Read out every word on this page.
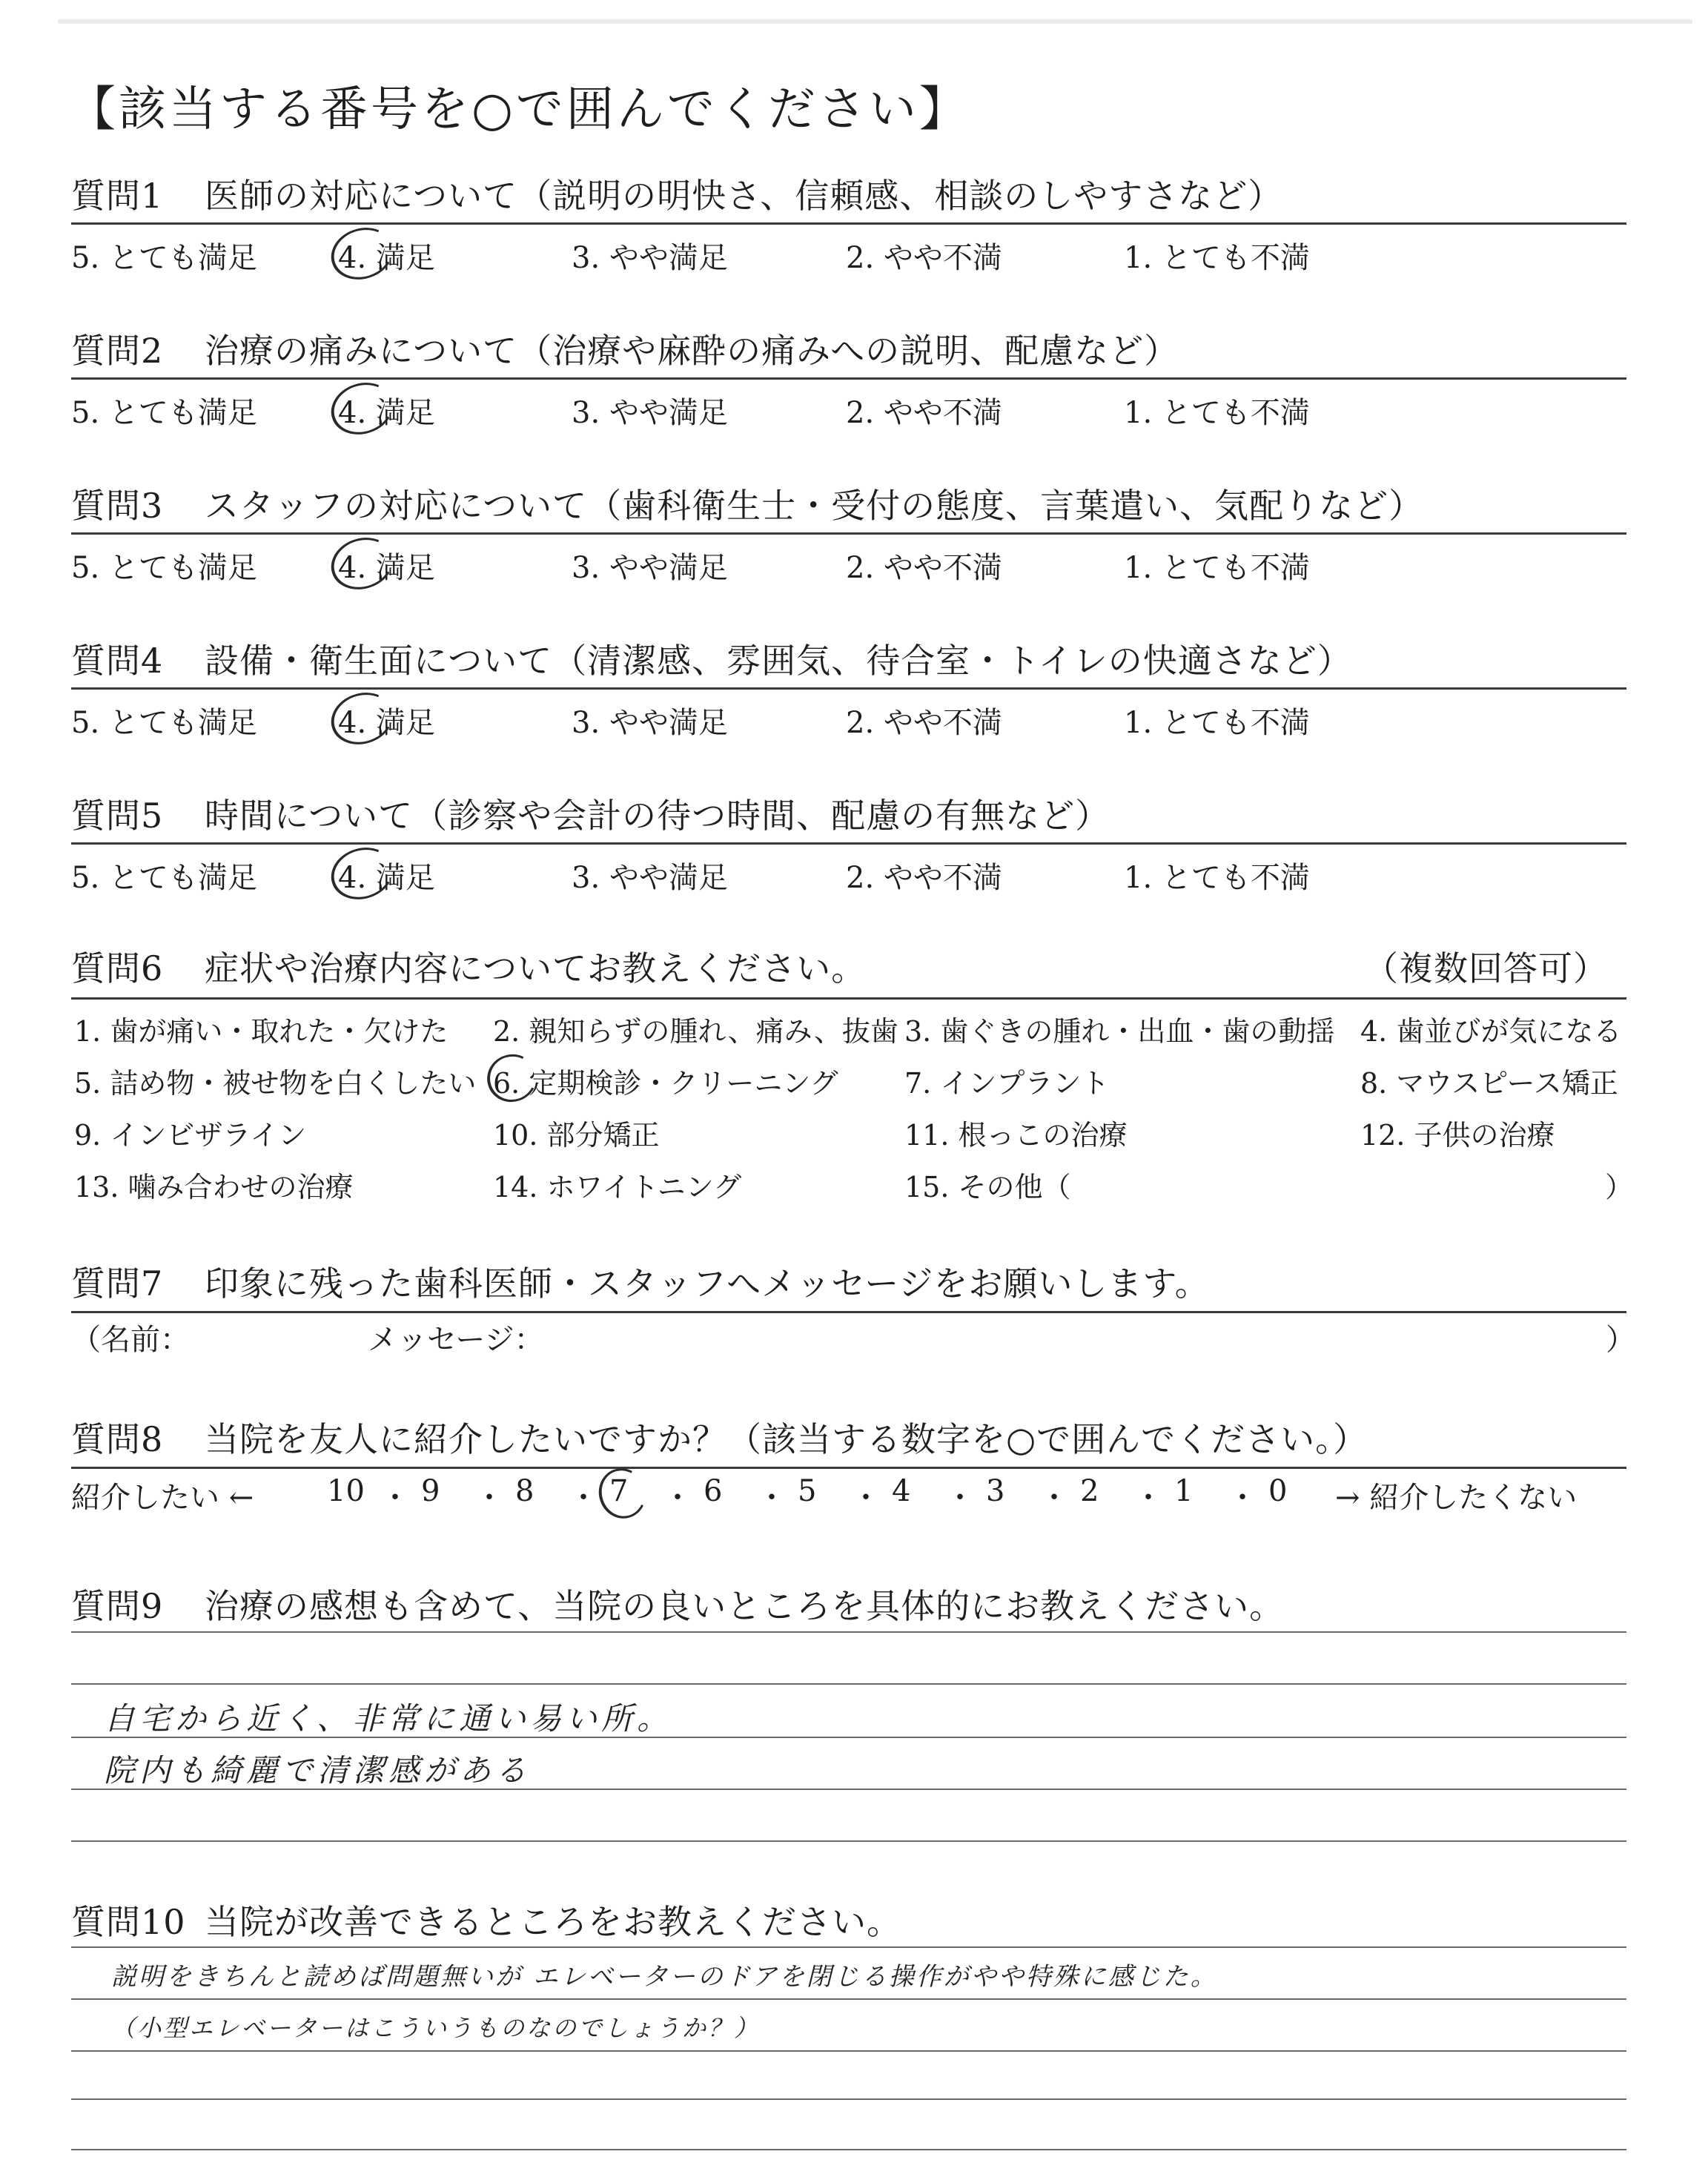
【該当する番号を○で囲んでください】
質問1 医師の対応について（説明の明快さ、信頼感、相談のしやすさなど）
5. とても満足	4. 満足	3. やや満足	2. やや不満	1. とても不満
質問2 治療の痛みについて（治療や麻酔の痛みへの説明、配慮など）
5. とても満足	4. 満足	3. やや満足	2. やや不満	1. とても不満
質問3 スタッフの対応について（歯科衛生士・受付の態度、言葉遣い、気配りなど）
5. とても満足	4. 満足	3. やや満足	2. やや不満	1. とても不満
質問4 設備・衛生面について（清潔感、雰囲気、待合室・トイレの快適さなど）
5. とても満足	4. 満足	3. やや満足	2. やや不満	1. とても不満
質問5 時間について（診察や会計の待つ時間、配慮の有無など）
5. とても満足	4. 満足	3. やや満足	2. やや不満	1. とても不満
質問6 症状や治療内容についてお教えください。	（複数回答可）
1. 歯が痛い・取れた・欠けた 2. 親知らずの腫れ、痛み、抜歯 3. 歯ぐきの腫れ・出血・歯の動揺 4. 歯並びが気になる
5. 詰め物・被せ物を白くしたい 6. 定期検診・クリーニング 7. インプラント	8. マウスピース矯正
9. インビザライン	10. 部分矯正	11. 根っこの治療	12. 子供の治療
13. 噛み合わせの治療	14. ホワイトニング	15. その他（	）
質問7 印象に残った歯科医師・スタッフへメッセージをお願いします。
（名前：	メッセージ：	）
質問8 当院を友人に紹介したいですか？（該当する数字を○で囲んでください。）
紹介したい ← 10 ・ 9 ・ 8 ・ 7 ・ 6 ・ 5 ・ 4 ・ 3 ・ 2 ・ 1 ・ 0 → 紹介したくない
質問9 治療の感想も含めて、当院の良いところを具体的にお教えください。
自宅から近く、非常に通い易い所。
院内も綺麗で清潔感がある
質問10 当院が改善できるところをお教えください。
説明をきちんと読めば問題無いが エレベーターのドアを閉じる操作がやや特殊に感じた。
（小型エレベーターはこういうものなのでしょうか？）
